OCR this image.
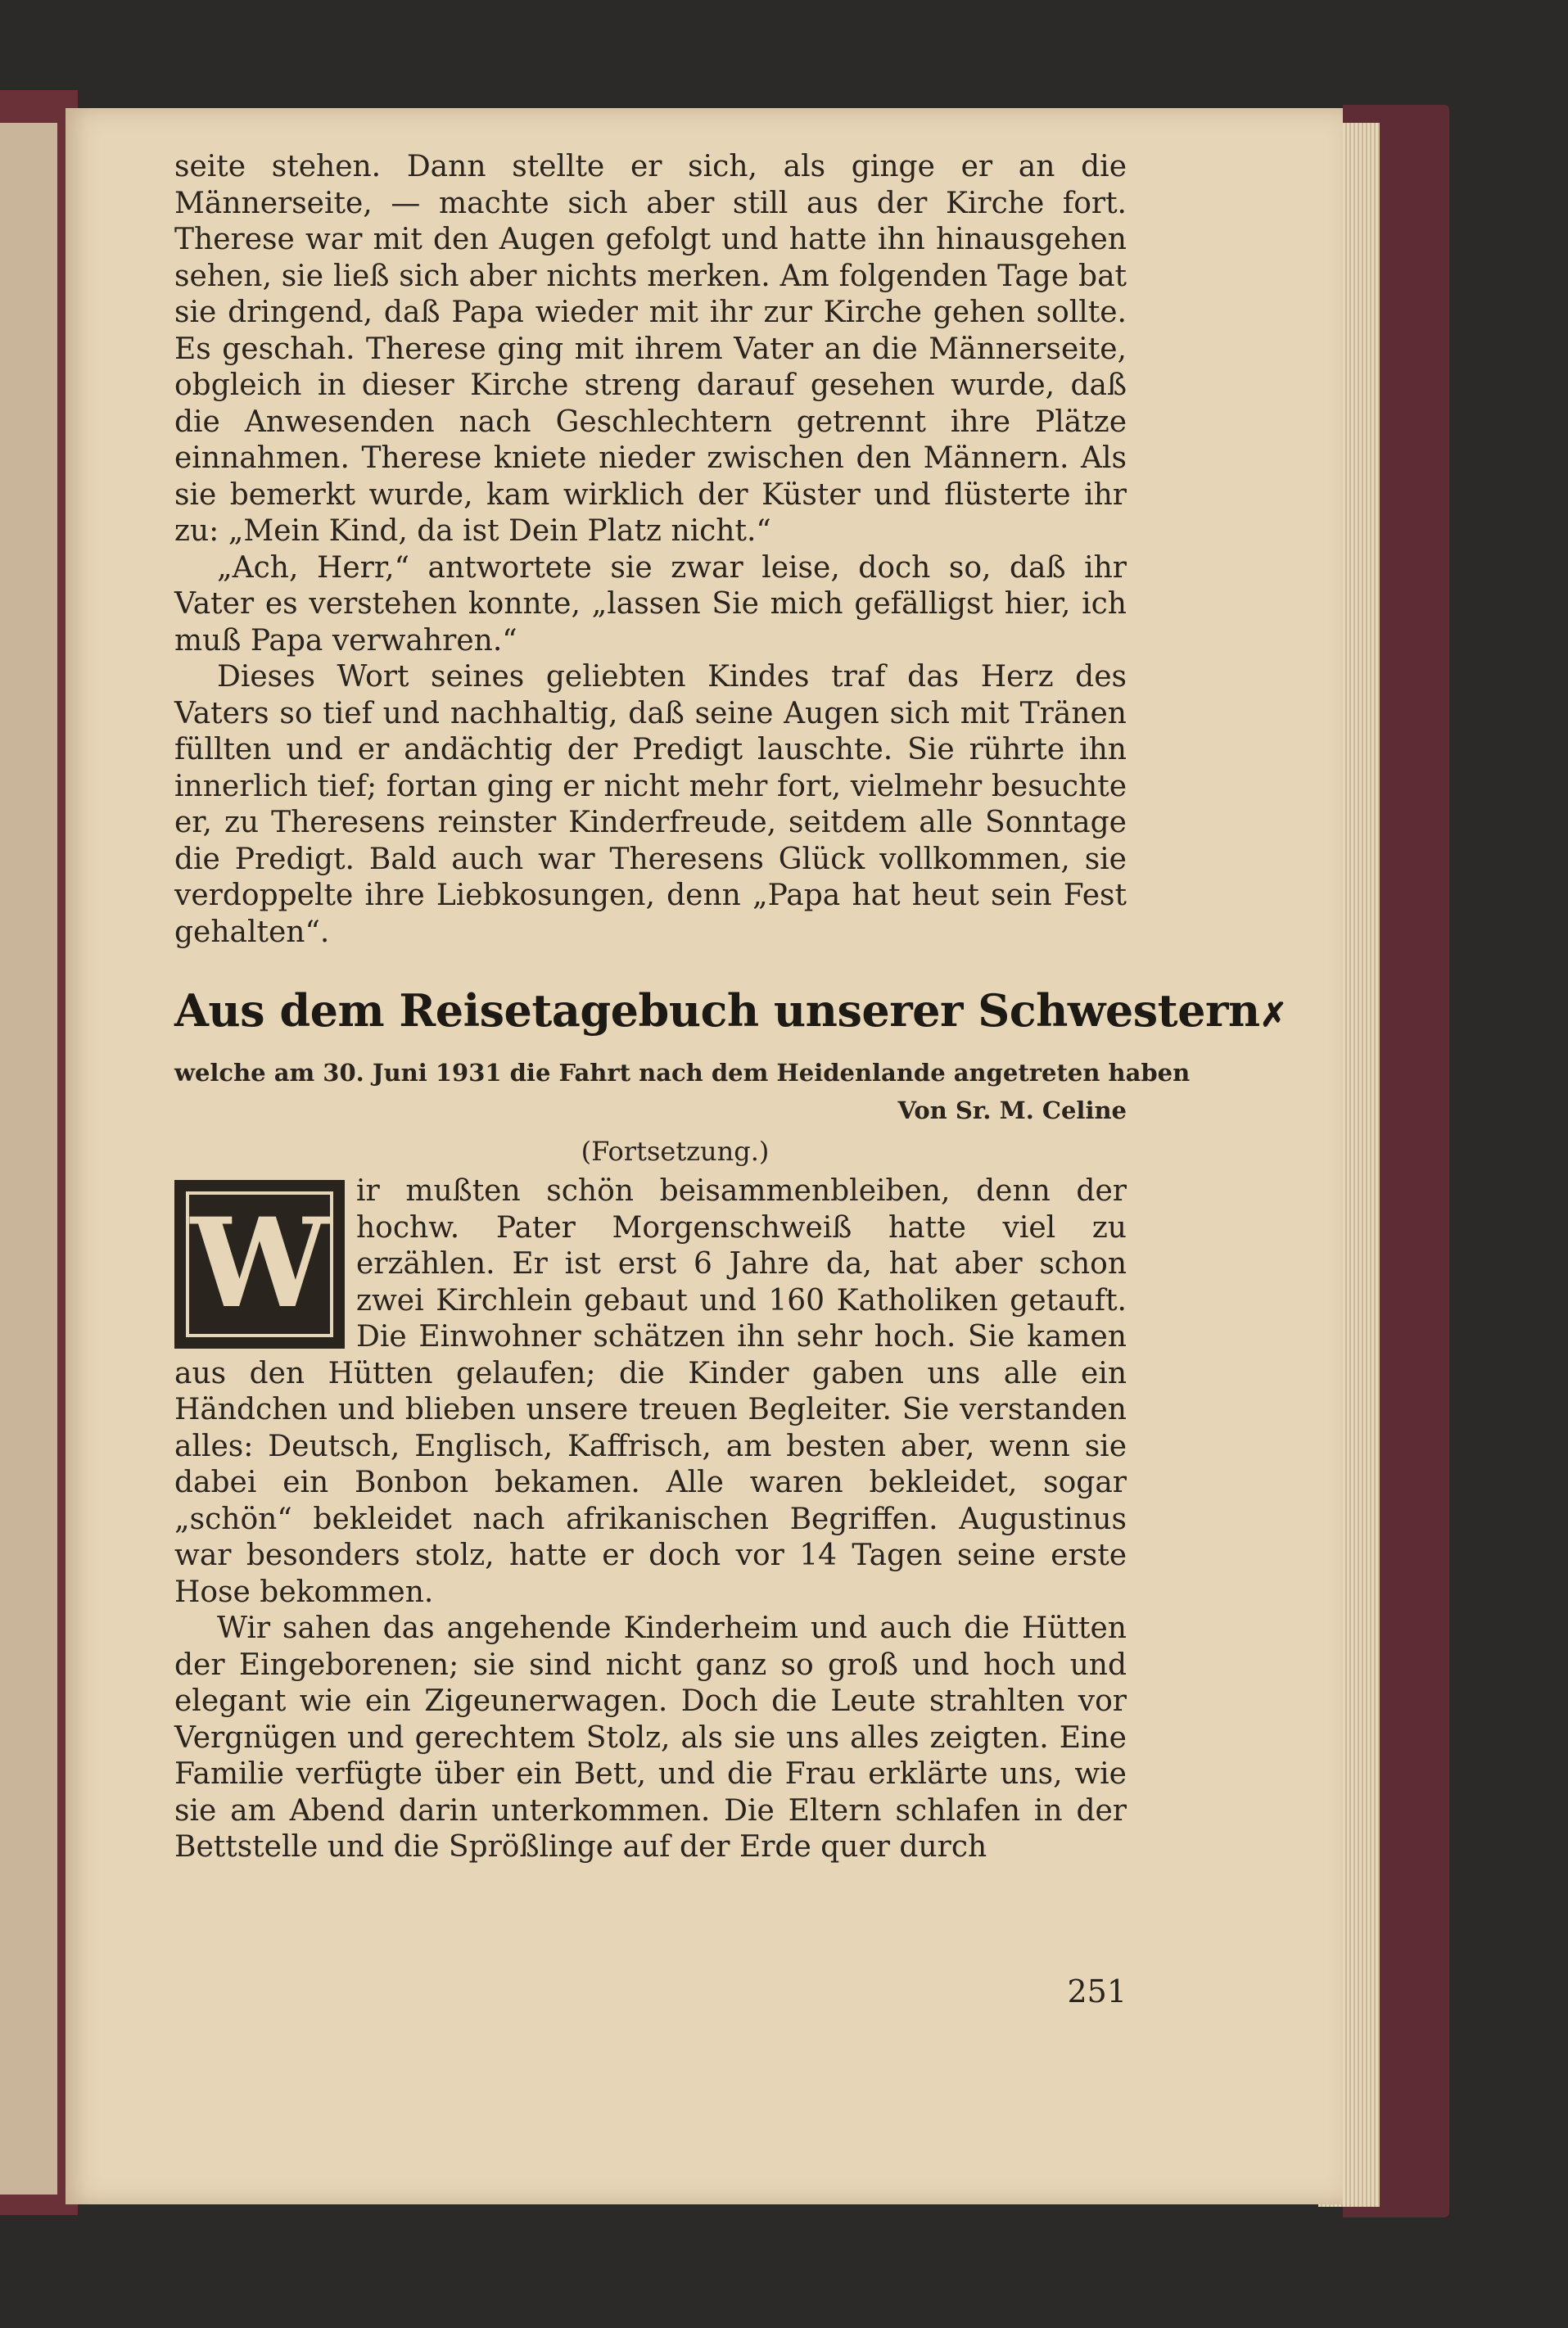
seite stehen. Dann stellte er sich, als ginge er an die Männerseite, — machte sich aber still aus der Kirche fort. Therese war mit den Augen gefolgt und hatte ihn hinausgehen sehen, sie ließ sich aber nichts merken. Am folgenden Tage bat sie dringend, daß Papa wieder mit ihr zur Kirche gehen sollte. Es geschah. Therese ging mit ihrem Vater an die Männerseite, obgleich in dieser Kirche streng darauf gesehen wurde, daß die Anwesenden nach Geschlechtern getrennt ihre Plätze einnahmen. Therese kniete nieder zwischen den Männern. Als sie bemerkt wurde, kam wirklich der Küster und flüsterte ihr zu: „Mein Kind, da ist Dein Platz nicht.“

„Ach, Herr,“ antwortete sie zwar leise, doch so, daß ihr Vater es verstehen konnte, „lassen Sie mich gefälligst hier, ich muß Papa verwahren.“

Dieses Wort seines geliebten Kindes traf das Herz des Vaters so tief und nachhaltig, daß seine Augen sich mit Tränen füllten und er andächtig der Predigt lauschte. Sie rührte ihn innerlich tief; fortan ging er nicht mehr fort, vielmehr besuchte er, zu Theresens reinster Kinderfreude, seitdem alle Sonntage die Predigt. Bald auch war Theresens Glück vollkommen, sie verdoppelte ihre Liebkosungen, denn „Papa hat heut sein Fest gehalten“.

Aus dem Reisetagebuch unserer Schwestern✗
welche am 30. Juni 1931 die Fahrt nach dem Heidenlande angetreten haben
Von Sr. M. Celine
(Fortsetzung.)
W

ir mußten schön beisammenbleiben, denn der hochw. Pater Morgenschweiß hatte viel zu erzählen. Er ist erst 6 Jahre da, hat aber schon zwei Kirchlein gebaut und 160 Katholiken getauft. Die Einwohner schätzen ihn sehr hoch. Sie kamen aus den Hütten gelaufen; die Kinder gaben uns alle ein Händchen und blieben unsere treuen Begleiter. Sie verstanden alles: Deutsch, Englisch, Kaffrisch, am besten aber, wenn sie dabei ein Bonbon bekamen. Alle waren bekleidet, sogar „schön“ bekleidet nach afrikanischen Begriffen. Augustinus war besonders stolz, hatte er doch vor 14 Tagen seine erste Hose bekommen.

Wir sahen das angehende Kinderheim und auch die Hütten der Eingeborenen; sie sind nicht ganz so groß und hoch und elegant wie ein Zigeunerwagen. Doch die Leute strahlten vor Vergnügen und gerechtem Stolz, als sie uns alles zeigten. Eine Familie verfügte über ein Bett, und die Frau erklärte uns, wie sie am Abend darin unterkommen. Die Eltern schlafen in der Bettstelle und die Sprößlinge auf der Erde quer durch

251
